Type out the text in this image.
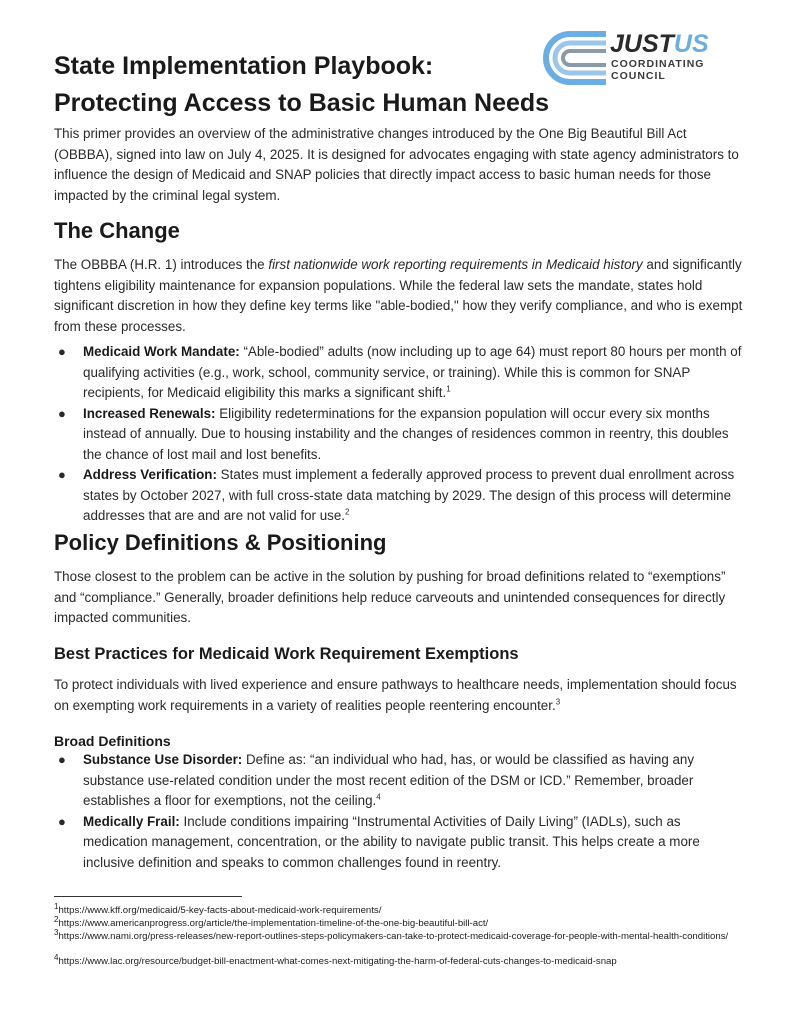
JUSTUS
COORDINATING
COUNCIL
State Implementation Playbook:
Protecting Access to Basic Human Needs

This primer provides an overview of the administrative changes introduced by the One Big Beautiful Bill Act (OBBBA), signed into law on July 4, 2025. It is designed for advocates engaging with state agency administrators to influence the design of Medicaid and SNAP policies that directly impact access to basic human needs for those impacted by the criminal legal system.

The Change

The OBBBA (H.R. 1) introduces the first nationwide work reporting requirements in Medicaid history and significantly tightens eligibility maintenance for expansion populations. While the federal law sets the mandate, states hold significant discretion in how they define key terms like "able-bodied," how they verify compliance, and who is exempt from these processes.

● Medicaid Work Mandate: “Able-bodied” adults (now including up to age 64) must report 80 hours per month of qualifying activities (e.g., work, school, community service, or training). While this is common for SNAP recipients, for Medicaid eligibility this marks a significant shift.$^1$
● Increased Renewals: Eligibility redeterminations for the expansion population will occur every six months instead of annually. Due to housing instability and the changes of residences common in reentry, this doubles the chance of lost mail and lost benefits.
● Address Verification: States must implement a federally approved process to prevent dual enrollment across states by October 2027, with full cross-state data matching by 2029. The design of this process will determine addresses that are and are not valid for use.$^2$
Policy Definitions & Positioning

Those closest to the problem can be active in the solution by pushing for broad definitions related to “exemptions” and “compliance.” Generally, broader definitions help reduce carveouts and unintended consequences for directly impacted communities.

Best Practices for Medicaid Work Requirement Exemptions

To protect individuals with lived experience and ensure pathways to healthcare needs, implementation should focus on exempting work requirements in a variety of realities people reentering encounter.$^3$

Broad Definitions
● Substance Use Disorder: Define as: “an individual who had, has, or would be classified as having any substance use-related condition under the most recent edition of the DSM or ICD.” Remember, broader establishes a floor for exemptions, not the ceiling.$^4$
● Medically Frail: Include conditions impairing “Instrumental Activities of Daily Living” (IADLs), such as medication management, concentration, or the ability to navigate public transit. This helps create a more inclusive definition and speaks to common challenges found in reentry.

$^1$https://www.kff.org/medicaid/5-key-facts-about-medicaid-work-requirements/

$^2$https://www.americanprogress.org/article/the-implementation-timeline-of-the-one-big-beautiful-bill-act/

$^3$https://www.nami.org/press-releases/new-report-outlines-steps-policymakers-can-take-to-protect-medicaid-coverage-for-people-with-mental-health-conditions/

$^4$https://www.lac.org/resource/budget-bill-enactment-what-comes-next-mitigating-the-harm-of-federal-cuts-changes-to-medicaid-snap
